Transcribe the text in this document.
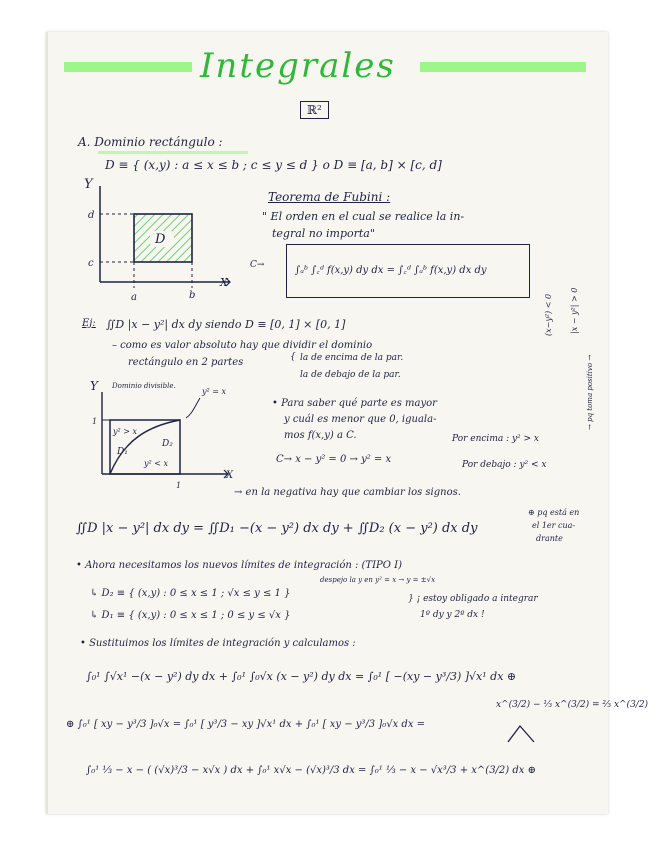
Integrales
ℝ²
A. Dominio rectángulo :
D ≡ { (x,y) : a ≤ x ≤ b ; c ≤ y ≤ d } o D ≡ [a, b] × [c, d]
Y
X
d
c
a	b
D
Teorema de Fubini :
" El orden en el cual se realice la in-
tegral no importa"
C→	∫ₐᵇ ∫꜀ᵈ f(x,y) dy dx = ∫꜀ᵈ ∫ₐᵇ f(x,y) dx dy
Ej: ∬D |x − y²| dx dy siendo D ≡ [0, 1] × [0, 1]
– como es valor absoluto hay que dividir el dominio
rectángulo en 2 partes	{ la de encima de la par.
la de debajo de la par.
(x−y²) < 0 |x − y²| > 0
→ pq toma positivo →
Y
X
Dominio divisible.
y² = x
y² > x
D₁
D₂
y² < x
1
1
• Para saber qué parte es mayor
y cuál es menor que 0, iguala-
mos f(x,y) a C.
C→ x − y² = 0 → y² = x
Por encima : y² > x
Por debajo : y² < x
→ en la negativa hay que cambiar los signos.
∬D |x − y²| dx dy = ∬D₁ −(x − y²) dx dy + ∬D₂ (x − y²) dx dy
⊕ pq está en
el 1er cua-
drante
• Ahora necesitamos los nuevos límites de integración : (TIPO I)
despejo la y en y² = x → y = ±√x
↳ D₂ ≡ { (x,y) : 0 ≤ x ≤ 1 ; √x ≤ y ≤ 1 }
↳ D₁ ≡ { (x,y) : 0 ≤ x ≤ 1 ; 0 ≤ y ≤ √x }
} ¡ estoy obligado a integrar
1º dy y 2º dx !
• Sustituimos los límites de integración y calculamos :
∫₀¹ ∫√x¹ −(x − y²) dy dx + ∫₀¹ ∫₀√x (x − y²) dy dx = ∫₀¹ [ −(xy − y³/3) ]√x¹ dx ⊕
⊕ ∫₀¹ [ xy − y³/3 ]₀√x = ∫₀¹ [ y³/3 − xy ]√x¹ dx + ∫₀¹ [ xy − y³/3 ]₀√x dx =
x^(3/2) − ⅓ x^(3/2) = ⅔ x^(3/2)
∫₀¹ ⅓ − x − ( (√x)³/3 − x√x ) dx + ∫₀¹ x√x − (√x)³/3 dx = ∫₀¹ ⅓ − x − √x³/3 + x^(3/2) dx ⊕
